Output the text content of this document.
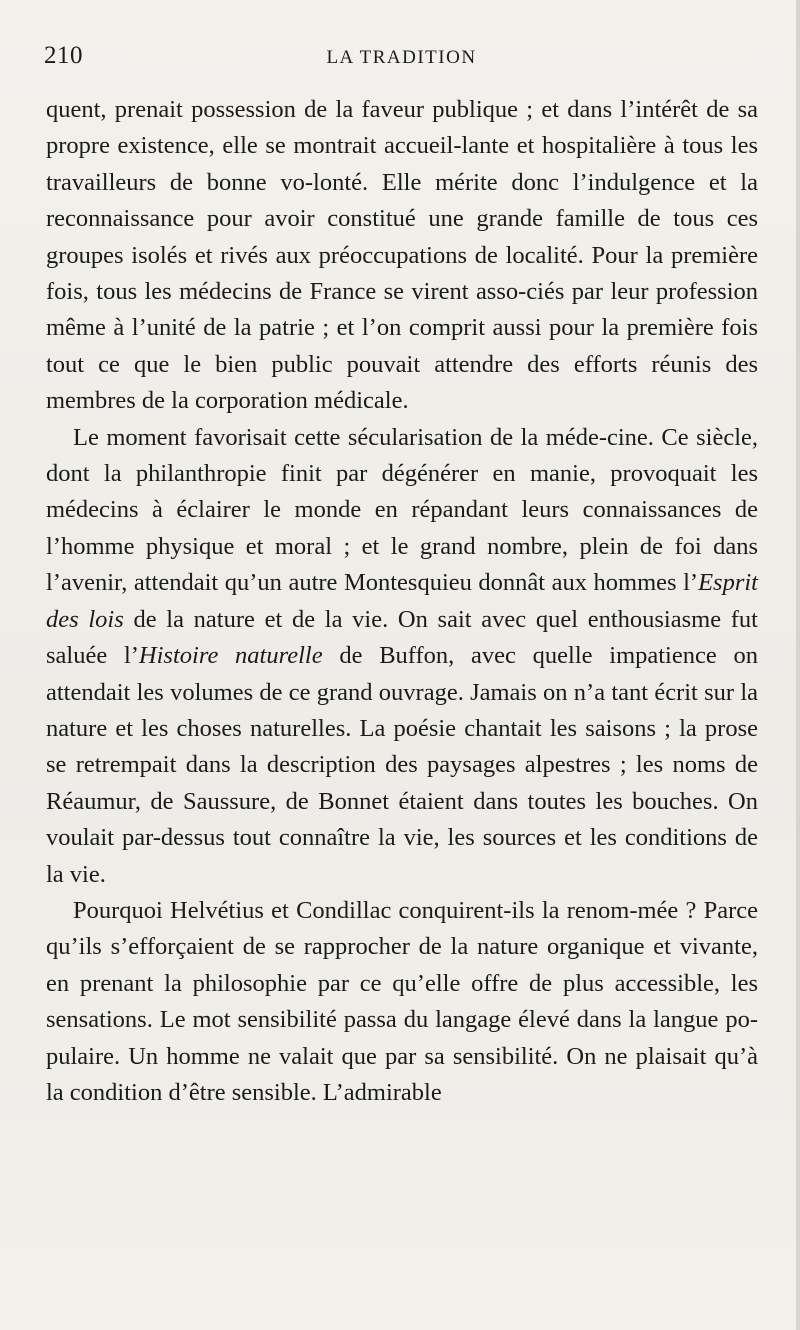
210	LA TRADITION

quent, prenait possession de la faveur publique ; et dans l’intérêt de sa propre existence, elle se montrait accueil-lante et hospitalière à tous les travailleurs de bonne vo-lonté. Elle mérite donc l’indulgence et la reconnaissance pour avoir constitué une grande famille de tous ces groupes isolés et rivés aux préoccupations de localité. Pour la première fois, tous les médecins de France se virent asso-ciés par leur profession même à l’unité de la patrie ; et l’on comprit aussi pour la première fois tout ce que le bien public pouvait attendre des efforts réunis des membres de la corporation médicale.

Le moment favorisait cette sécularisation de la méde-cine. Ce siècle, dont la philanthropie finit par dégénérer en manie, provoquait les médecins à éclairer le monde en répandant leurs connaissances de l’homme physique et moral ; et le grand nombre, plein de foi dans l’avenir, attendait qu’un autre Montesquieu donnât aux hommes l’Esprit des lois de la nature et de la vie. On sait avec quel enthousiasme fut saluée l’Histoire naturelle de Buffon, avec quelle impatience on attendait les volumes de ce grand ouvrage. Jamais on n’a tant écrit sur la nature et les choses naturelles. La poésie chantait les saisons ; la prose se retrempait dans la description des paysages alpestres ; les noms de Réaumur, de Saussure, de Bonnet étaient dans toutes les bouches. On voulait par-dessus tout connaître la vie, les sources et les conditions de la vie.

Pourquoi Helvétius et Condillac conquirent-ils la renom-mée ? Parce qu’ils s’efforçaient de se rapprocher de la nature organique et vivante, en prenant la philosophie par ce qu’elle offre de plus accessible, les sensations. Le mot sensibilité passa du langage élevé dans la langue po-pulaire. Un homme ne valait que par sa sensibilité. On ne plaisait qu’à la condition d’être sensible. L’admirable
